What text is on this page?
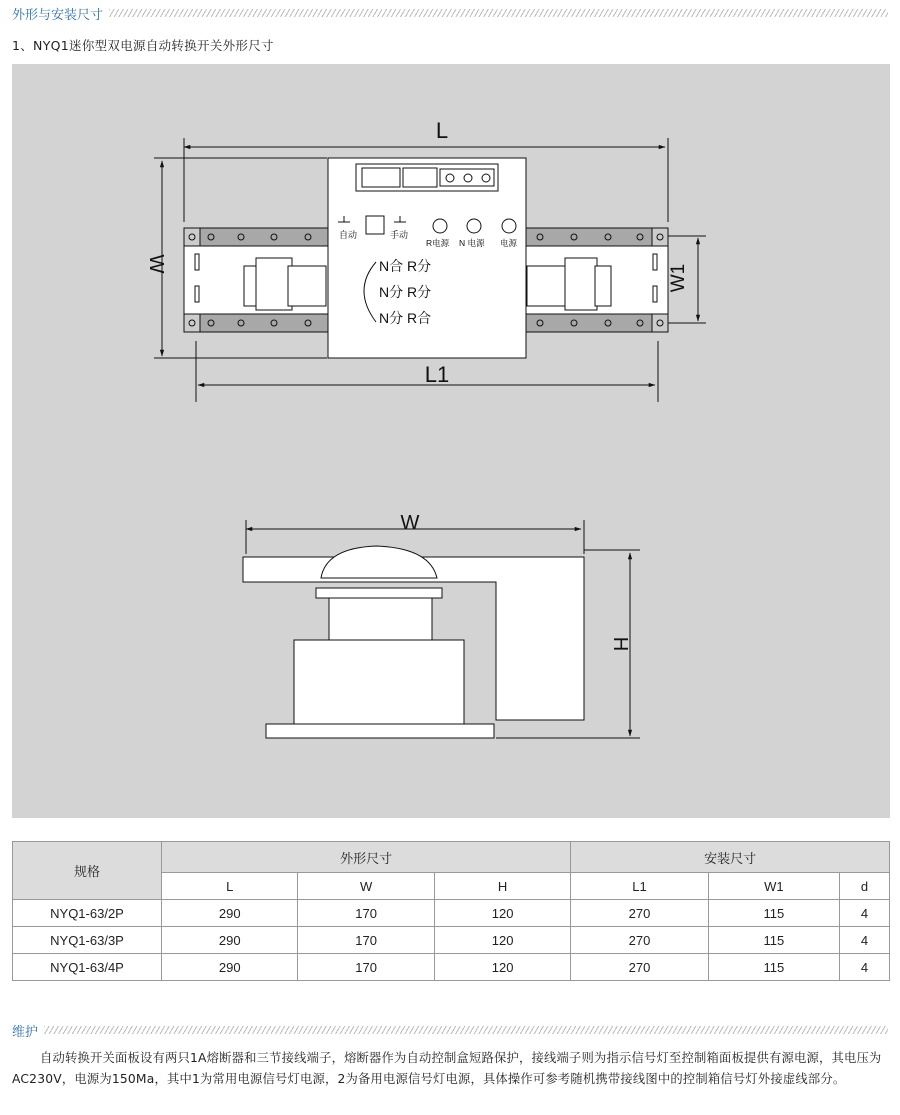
外形与安装尺寸
1、NYQ1迷你型双电源自动转换开关外形尺寸
L
W
L1
W1
W
H
自动	手动
R电源 N 电源 电源
N合 R分
N分 R分
N分 R合
规格	外形尺寸			安装尺寸		
	L	W	H	L1	W1	d
NYQ1-63/2P	290	170	120	270	115	4
NYQ1-63/3P	290	170	120	270	115	4
NYQ1-63/4P	290	170	120	270	115	4
维护
自动转换开关面板设有两只1A熔断器和三节接线端子，熔断器作为自动控制盒短路保护，接线端子则为指示信号灯至控制箱面板提供有源电源，其电压为AC230V，电源为150Ma，其中1为常用电源信号灯电源，2为备用电源信号灯电源，具体操作可参考随机携带接线图中的控制箱信号灯外接虚线部分。
